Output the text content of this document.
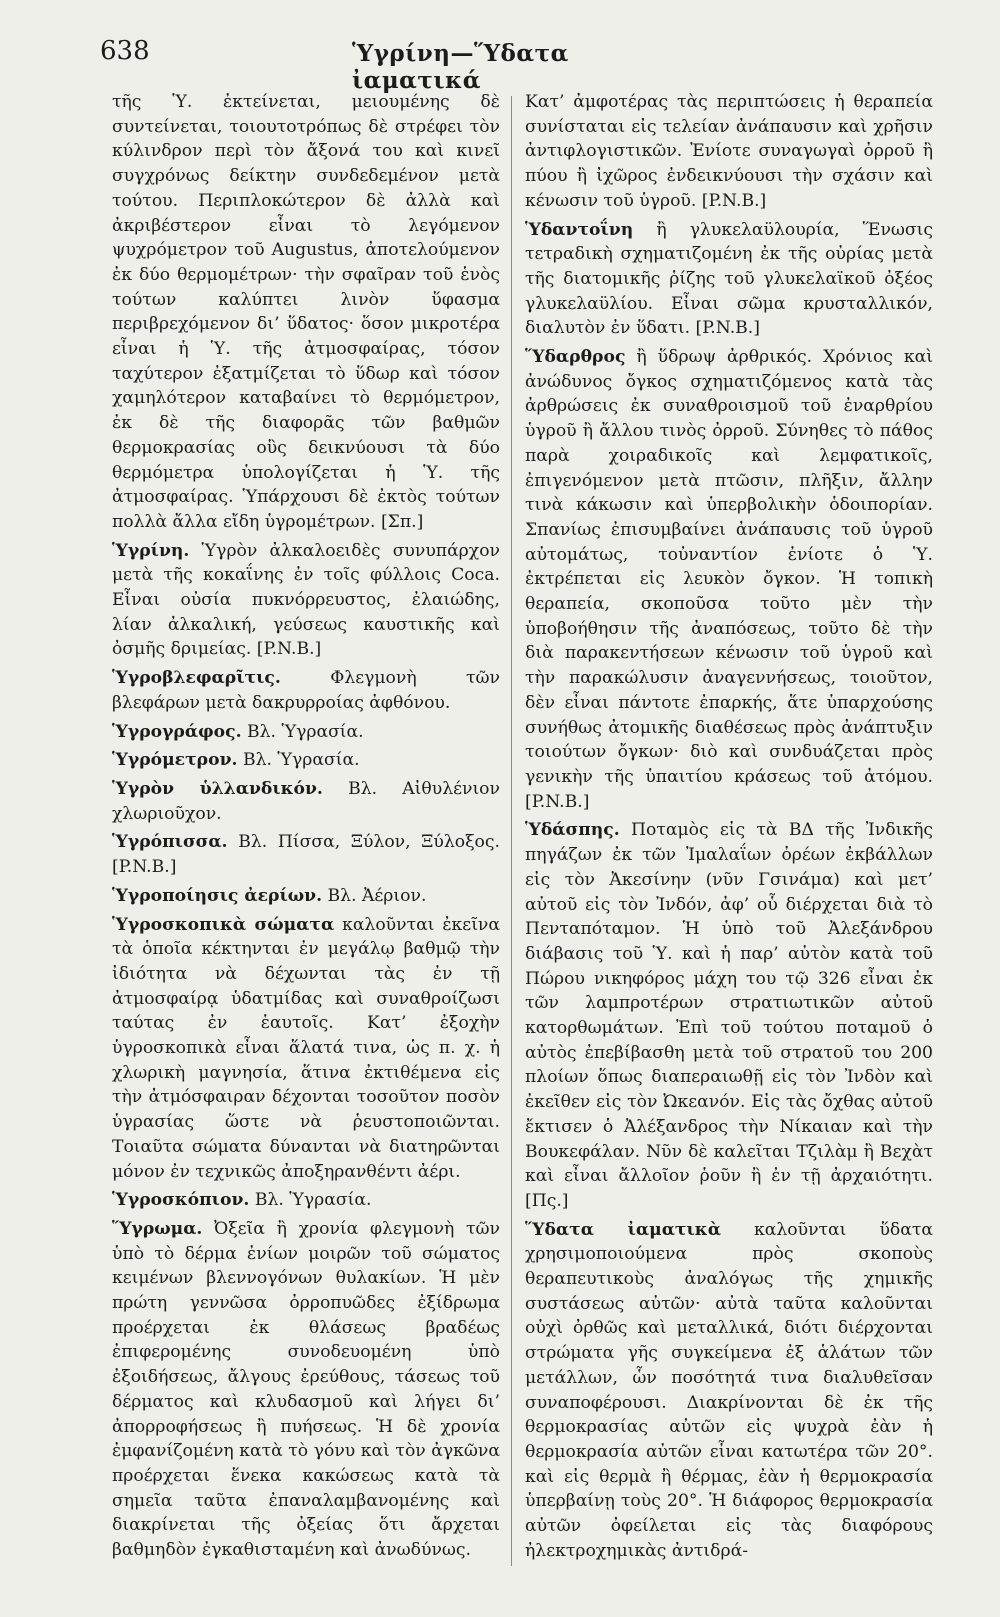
638	Ὑγρίνη—Ὕδατα ἰαματικά

τῆς Ὑ. ἐκτείνεται, μειουμένης δὲ συντείνεται, τοιουτοτρόπως δὲ στρέφει τὸν κύλινδρον περὶ τὸν ἄξονά του καὶ κινεῖ συγχρόνως δείκτην συνδεδεμένον μετὰ τούτου. Περιπλοκώτερον δὲ ἀλλὰ καὶ ἀκριβέστερον εἶναι τὸ λεγόμενον ψυχρόμετρον τοῦ Augustus, ἀποτελούμενον ἐκ δύο θερμομέτρων· τὴν σφαῖραν τοῦ ἑνὸς τούτων καλύπτει λινὸν ὕφασμα περιβρεχόμενον δι’ ὕδατος· ὅσον μικροτέρα εἶναι ἡ Ὑ. τῆς ἀτμοσφαίρας, τόσον ταχύτερον ἐξατμίζεται τὸ ὕδωρ καὶ τόσον χαμηλότερον καταβαίνει τὸ θερμόμετρον, ἐκ δὲ τῆς διαφορᾶς τῶν βαθμῶν θερμοκρασίας οὓς δεικνύουσι τὰ δύο θερμόμετρα ὑπολογίζεται ἡ Ὑ. τῆς ἀτμοσφαίρας. Ὑπάρχουσι δὲ ἐκτὸς τούτων πολλὰ ἄλλα εἴδη ὑγρομέτρων. [Σπ.]

Ὑγρίνη. Ὑγρὸν ἀλκαλοειδὲς συνυπάρχον μετὰ τῆς κοκαΐνης ἐν τοῖς φύλλοις Coca. Εἶναι οὐσία πυκνόρρευστος, ἐλαιώδης, λίαν ἀλκαλική, γεύσεως καυστικῆς καὶ ὀσμῆς δριμείας. [P.N.B.]

Ὑγροβλεφαρῖτις. Φλεγμονὴ τῶν βλεφάρων μετὰ δακρυρροίας ἀφθόνου.

Ὑγρογράφος. Βλ. Ὑγρασία.

Ὑγρόμετρον. Βλ. Ὑγρασία.

Ὑγρὸν ὑλλανδικόν. Βλ. Αἰθυλένιον χλωριοῦχον.

Ὑγρόπισσα. Βλ. Πίσσα, Ξύλον, Ξύλοξος. [P.N.B.]

Ὑγροποίησις ἀερίων. Βλ. Ἀέριον.

Ὑγροσκοπικὰ σώματα καλοῦνται ἐκεῖνα τὰ ὁποῖα κέκτηνται ἐν μεγάλῳ βαθμῷ τὴν ἰδιότητα νὰ δέχωνται τὰς ἐν τῇ ἀτμοσφαίρᾳ ὑδατμίδας καὶ συναθροίζωσι ταύτας ἐν ἑαυτοῖς. Κατ’ ἐξοχὴν ὑγροσκοπικὰ εἶναι ἅλατά τινα, ὡς π. χ. ἡ χλωρικὴ μαγνησία, ἅτινα ἐκτιθέμενα εἰς τὴν ἀτμόσφαιραν δέχονται τοσοῦτον ποσὸν ὑγρασίας ὥστε νὰ ῥευστοποιῶνται. Τοιαῦτα σώματα δύνανται νὰ διατηρῶνται μόνον ἐν τεχνικῶς ἀποξηρανθέντι ἀέρι.

Ὑγροσκόπιον. Βλ. Ὑγρασία.

Ὕγρωμα. Ὀξεῖα ἢ χρονία φλεγμονὴ τῶν ὑπὸ τὸ δέρμα ἐνίων μοιρῶν τοῦ σώματος κειμένων βλεννογόνων θυλακίων. Ἡ μὲν πρώτη γεννῶσα ὀρροπυῶδες ἐξίδρωμα προέρχεται ἐκ θλάσεως βραδέως ἐπιφερομένης συνοδευομένη ὑπὸ ἐξοιδήσεως, ἄλγους ἐρεύθους, τάσεως τοῦ δέρματος καὶ κλυδασμοῦ καὶ λήγει δι’ ἀπορροφήσεως ἢ πυήσεως. Ἡ δὲ χρονία ἐμφανίζομένη κατὰ τὸ γόνυ καὶ τὸν ἀγκῶνα προέρχεται ἕνεκα κακώσεως κατὰ τὰ σημεῖα ταῦτα ἐπαναλαμβανομένης καὶ διακρίνεται τῆς ὀξείας ὅτι ἄρχεται βαθμηδὸν ἐγκαθισταμένη καὶ ἀνωδύνως.

Κατ’ ἀμφοτέρας τὰς περιπτώσεις ἡ θεραπεία συνίσταται εἰς τελείαν ἀνάπαυσιν καὶ χρῆσιν ἀντιφλογιστικῶν. Ἐνίοτε συναγωγαὶ ὀρροῦ ἢ πύου ἢ ἰχῶρος ἐνδεικνύουσι τὴν σχάσιν καὶ κένωσιν τοῦ ὑγροῦ. [P.N.B.]

Ὑδαντοΐνη ἢ γλυκελαϋλουρία, Ἕνωσις τετραδικὴ σχηματιζομένη ἐκ τῆς οὐρίας μετὰ τῆς διατομικῆς ῥίζης τοῦ γλυκελαϊκοῦ ὀξέος γλυκελαϋλίου. Εἶναι σῶμα κρυσταλλικόν, διαλυτὸν ἐν ὕδατι. [P.N.B.]

Ὕδαρθρος ἢ ὕδρωψ ἀρθρικός. Χρόνιος καὶ ἀνώδυνος ὄγκος σχηματιζόμενος κατὰ τὰς ἀρθρώσεις ἐκ συναθροισμοῦ τοῦ ἐναρθρίου ὑγροῦ ἢ ἄλλου τινὸς ὀρροῦ. Σύνηθες τὸ πάθος παρὰ χοιραδικοῖς καὶ λεμφατικοῖς, ἐπιγενόμενον μετὰ πτῶσιν, πλῆξιν, ἄλλην τινὰ κάκωσιν καὶ ὑπερβολικὴν ὁδοιπορίαν. Σπανίως ἐπισυμβαίνει ἀνάπαυσις τοῦ ὑγροῦ αὐτομάτως, τοὐναντίον ἐνίοτε ὁ Ὑ. ἐκτρέπεται εἰς λευκὸν ὄγκον. Ἡ τοπικὴ θεραπεία, σκοποῦσα τοῦτο μὲν τὴν ὑποβοήθησιν τῆς ἀναπόσεως, τοῦτο δὲ τὴν διὰ παρακεντήσεων κένωσιν τοῦ ὑγροῦ καὶ τὴν παρακώλυσιν ἀναγεννήσεως, τοιοῦτον, δὲν εἶναι πάντοτε ἐπαρκής, ἅτε ὑπαρχούσης συνήθως ἀτομικῆς διαθέσεως πρὸς ἀνάπτυξιν τοιούτων ὄγκων· διὸ καὶ συνδυάζεται πρὸς γενικὴν τῆς ὑπαιτίου κράσεως τοῦ ἀτόμου. [P.N.B.]

Ὑδάσπης. Ποταμὸς εἰς τὰ ΒΔ τῆς Ἰνδικῆς πηγάζων ἐκ τῶν Ἰμαλαΐων ὀρέων ἐκβάλλων εἰς τὸν Ἀκεσίνην (νῦν Γσινάμα) καὶ μετ’ αὐτοῦ εἰς τὸν Ἰνδόν, ἀφ’ οὗ διέρχεται διὰ τὸ Πενταπόταμον. Ἡ ὑπὸ τοῦ Ἀλεξάνδρου διάβασις τοῦ Ὑ. καὶ ἡ παρ’ αὐτὸν κατὰ τοῦ Πώρου νικηφόρος μάχη του τῷ 326 εἶναι ἐκ τῶν λαμπροτέρων στρατιωτικῶν αὐτοῦ κατορθωμάτων. Ἐπὶ τοῦ τούτου ποταμοῦ ὁ αὐτὸς ἐπεβίβασθη μετὰ τοῦ στρατοῦ του 200 πλοίων ὅπως διαπεραιωθῇ εἰς τὸν Ἰνδὸν καὶ ἐκεῖθεν εἰς τὸν Ὠκεανόν. Εἰς τὰς ὄχθας αὐτοῦ ἔκτισεν ὁ Ἀλέξανδρος τὴν Νίκαιαν καὶ τὴν Βουκεφάλαν. Νῦν δὲ καλεῖται Τζιλὰμ ἢ Βεχὰτ καὶ εἶναι ἄλλοῖον ῥοῦν ἢ ἐν τῇ ἀρχαιότητι. [Πς.]

Ὕδατα ἰαματικὰ καλοῦνται ὕδατα χρησιμοποιούμενα πρὸς σκοποὺς θεραπευτικοὺς ἀναλόγως τῆς χημικῆς συστάσεως αὐτῶν· αὐτὰ ταῦτα καλοῦνται οὐχὶ ὀρθῶς καὶ μεταλλικά, διότι διέρχονται στρώματα γῆς συγκείμενα ἐξ ἁλάτων τῶν μετάλλων, ὧν ποσότητά τινα διαλυθεῖσαν συναποφέρουσι. Διακρίνονται δὲ ἐκ τῆς θερμοκρασίας αὐτῶν εἰς ψυχρὰ ἐὰν ἡ θερμοκρασία αὐτῶν εἶναι κατωτέρα τῶν 20°. καὶ εἰς θερμὰ ἢ θέρμας, ἐὰν ἡ θερμοκρασία ὑπερβαίνῃ τοὺς 20°. Ἡ διάφορος θερμοκρασία αὐτῶν ὀφείλεται εἰς τὰς διαφόρους ἠλεκτροχημικὰς ἀντιδρά-
